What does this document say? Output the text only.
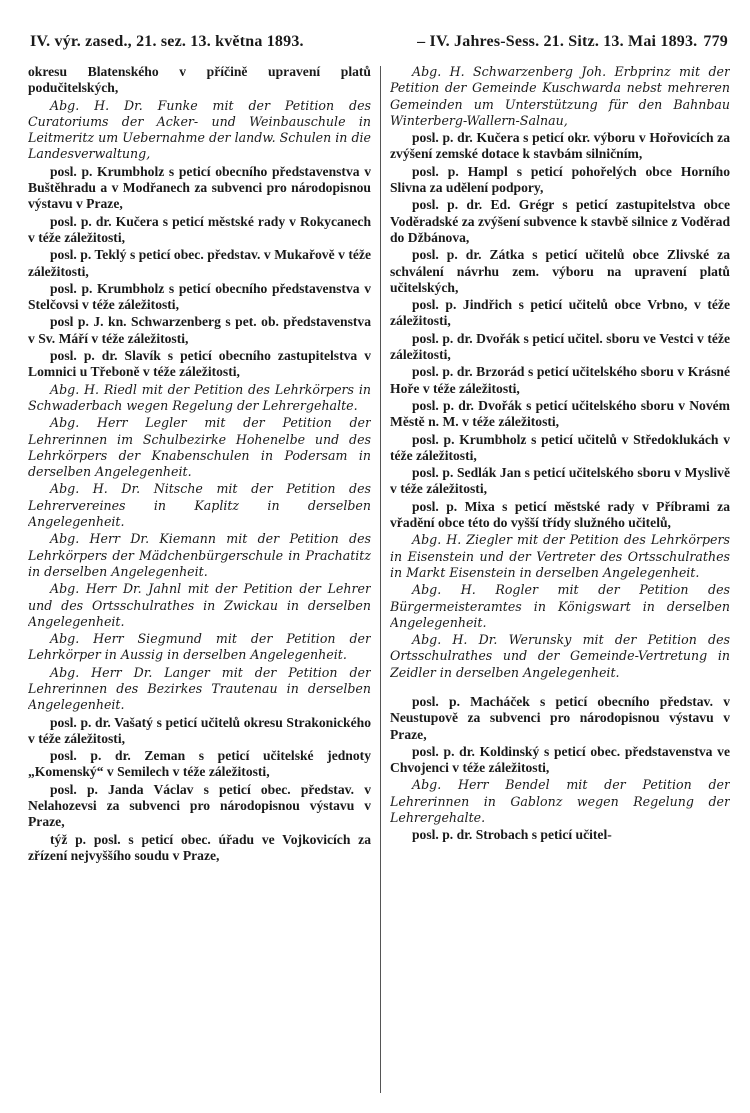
IV. výr. zased., 21. sez. 13. května 1893.	– IV. Jahres-Sess. 21. Sitz. 13. Mai 1893. 779

okresu Blatenského v příčině upravení platů podučitelských,

Abg. H. Dr. Funke mit der Petition des Curatoriums der Acker- und Weinbauschule in Leitmeritz um Uebernahme der landw. Schulen in die Landesverwaltung,

posl. p. Krumbholz s peticí obecního představenstva v Buštěhradu a v Modřanech za subvenci pro národopisnou výstavu v Praze,

posl. p. dr. Kučera s peticí městské rady v Rokycanech v téže záležitosti,

posl. p. Teklý s peticí obec. představ. v Mukařově v téže záležitosti,

posl. p. Krumbholz s peticí obecního představenstva v Stelčovsi v téže záležitosti,

posl p. J. kn. Schwarzenberg s pet. ob. představenstva v Sv. Máří v téže záležitosti,

posl. p. dr. Slavík s peticí obecního zastupitelstva v Lomnici u Třeboně v téže záležitosti,

Abg. H. Riedl mit der Petition des Lehrkörpers in Schwaderbach wegen Regelung der Lehrergehalte.

Abg. Herr Legler mit der Petition der Lehrerinnen im Schulbezirke Hohenelbe und des Lehrkörpers der Knabenschulen in Podersam in derselben Angelegenheit.

Abg. H. Dr. Nitsche mit der Petition des Lehrervereines in Kaplitz in derselben Angelegenheit.

Abg. Herr Dr. Kiemann mit der Petition des Lehrkörpers der Mädchenbürgerschule in Prachatitz in derselben Angelegenheit.

Abg. Herr Dr. Jahnl mit der Petition der Lehrer und des Ortsschulrathes in Zwickau in derselben Angelegenheit.

Abg. Herr Siegmund mit der Petition der Lehrkörper in Aussig in derselben Angelegenheit.

Abg. Herr Dr. Langer mit der Petition der Lehrerinnen des Bezirkes Trautenau in derselben Angelegenheit.

posl. p. dr. Vašatý s peticí učitelů okresu Strakonického v téže záležitosti,

posl. p. dr. Zeman s peticí učitelské jednoty „Komenský“ v Semilech v téže záležitosti,

posl. p. Janda Václav s peticí obec. představ. v Nelahozevsi za subvenci pro národopisnou výstavu v Praze,

týž p. posl. s peticí obec. úřadu ve Vojkovicích za zřízení nejvyššího soudu v Praze,

Abg. H. Schwarzenberg Joh. Erbprinz mit der Petition der Gemeinde Kuschwarda nebst mehreren Gemeinden um Unterstützung für den Bahnbau Winterberg-Wallern-Salnau,

posl. p. dr. Kučera s peticí okr. výboru v Hořovicích za zvýšení zemské dotace k stavbám silničním,

posl. p. Hampl s peticí pohořelých obce Horního Slivna za udělení podpory,

posl. p. dr. Ed. Grégr s peticí zastupitelstva obce Voděradské za zvýšení subvence k stavbě silnice z Voděrad do Džbánova,

posl. p. dr. Zátka s peticí učitelů obce Zlivské za schválení návrhu zem. výboru na upravení platů učitelských,

posl. p. Jindřich s peticí učitelů obce Vrbno, v téže záležitosti,

posl. p. dr. Dvořák s peticí učitel. sboru ve Vestci v téže záležitosti,

posl. p. dr. Brzorád s peticí učitelského sboru v Krásné Hoře v téže záležitosti,

posl. p. dr. Dvořák s peticí učitelského sboru v Novém Městě n. M. v téže záležitosti,

posl. p. Krumbholz s peticí učitelů v Středoklukách v téže záležitosti,

posl. p. Sedlák Jan s peticí učitelského sboru v Myslivě v téže záležitosti,

posl. p. Mixa s peticí městské rady v Příbrami za vřadění obce této do vyšší třídy služného učitelů,

Abg. H. Ziegler mit der Petition des Lehrkörpers in Eisenstein und der Vertreter des Ortsschulrathes in Markt Eisenstein in derselben Angelegenheit.

Abg. H. Rogler mit der Petition des Bürgermeisteramtes in Königswart in derselben Angelegenheit.

Abg. H. Dr. Werunsky mit der Petition des Ortsschulrathes und der Gemeinde-Vertretung in Zeidler in derselben Angelegenheit.

posl. p. Macháček s peticí obecního představ. v Neustupově za subvenci pro národopisnou výstavu v Praze,

posl. p. dr. Koldinský s peticí obec. představenstva ve Chvojenci v téže záležitosti,

Abg. Herr Bendel mit der Petition der Lehrerinnen in Gablonz wegen Regelung der Lehrergehalte.

posl. p. dr. Strobach s peticí učitel-
